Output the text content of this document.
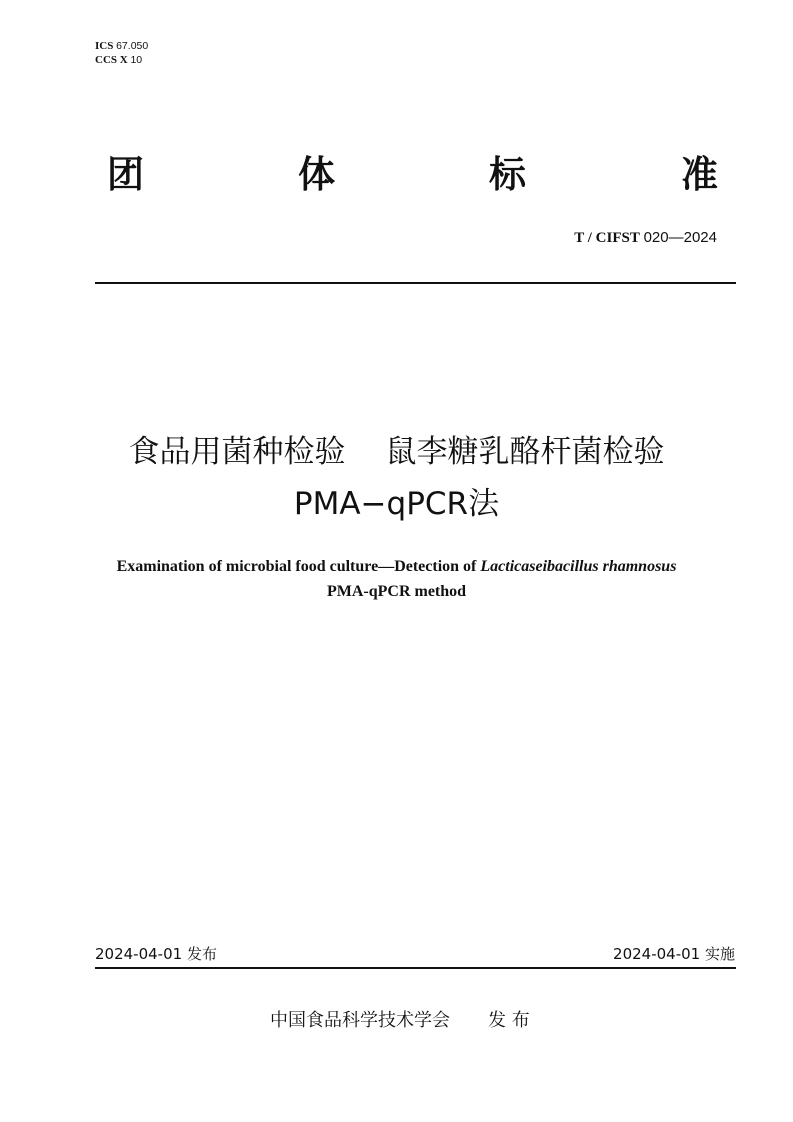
ICS 67.050
CCS X 10
团	体	标	准
T / CIFST 020—2024
食品用菌种检验 鼠李糖乳酪杆菌检验
PMA−qPCR法
Examination of microbial food culture—Detection of Lacticaseibacillus rhamnosus
PMA-qPCR method
2024-04-01 发布	2024-04-01 实施
中国食品科学技术学会 发 布
